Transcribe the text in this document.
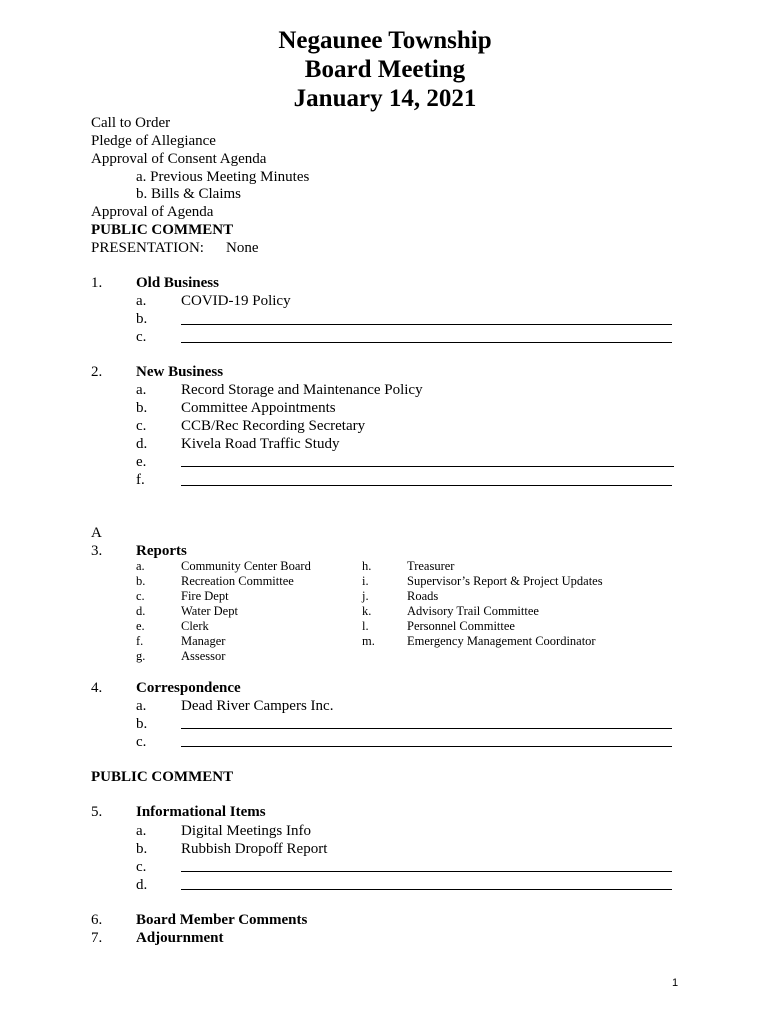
Negaunee Township
Board Meeting
January 14, 2021
Call to Order
Pledge of Allegiance
Approval of Consent Agenda
a. Previous Meeting Minutes
b. Bills & Claims
Approval of Agenda
PUBLIC COMMENT
PRESENTATION: None
1. Old Business
a. COVID-19 Policy
b.
c.
2. New Business
a. Record Storage and Maintenance Policy
b. Committee Appointments
c. CCB/Rec Recording Secretary
d. Kivela Road Traffic Study
e.
f.
A
3. Reports
a.	Community Center Board
b.	Recreation Committee
c.	Fire Dept
d.	Water Dept
e.	Clerk
f.	Manager
g.	Assessor
h.	Treasurer
i.	Supervisor’s Report & Project Updates
j.	Roads
k.	Advisory Trail Committee
l.	Personnel Committee
m.	Emergency Management Coordinator
4. Correspondence
a. Dead River Campers Inc.
b.
c.
PUBLIC COMMENT
5. Informational Items
a. Digital Meetings Info
b. Rubbish Dropoff Report
c.
d.
6. Board Member Comments
7. Adjournment
1
